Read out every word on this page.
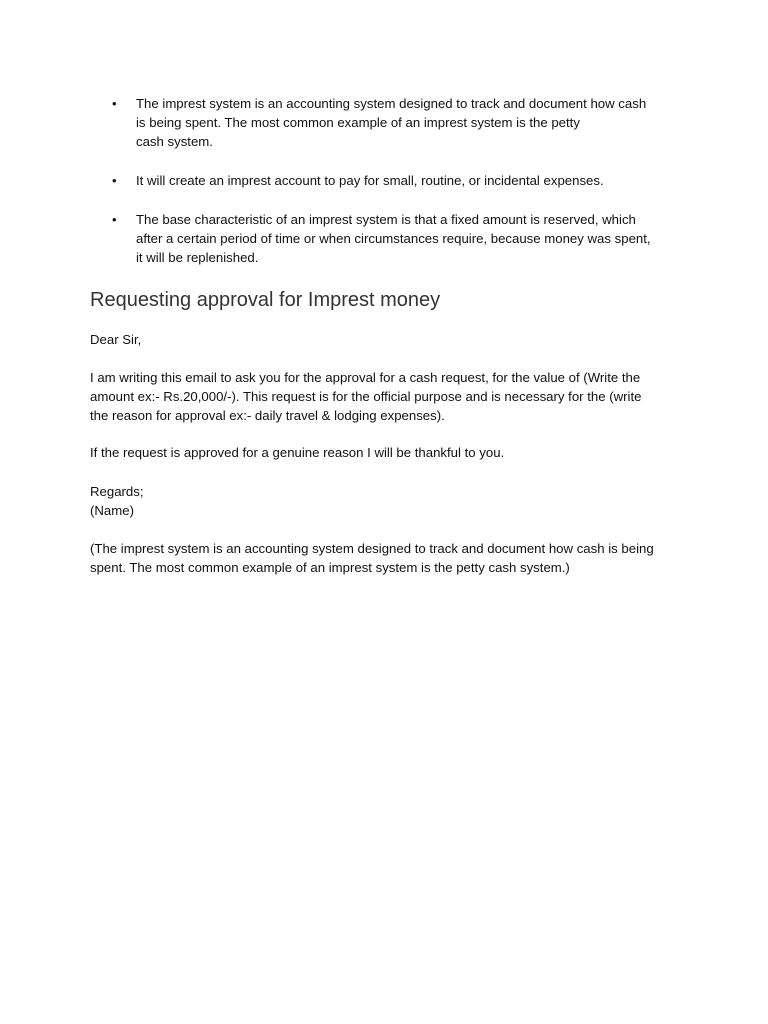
• The imprest system is an accounting system designed to track and document how cash
is being spent. The most common example of an imprest system is the petty
cash system.
• It will create an imprest account to pay for small, routine, or incidental expenses.
• The base characteristic of an imprest system is that a fixed amount is reserved, which
after a certain period of time or when circumstances require, because money was spent,
it will be replenished.
Requesting approval for Imprest money

Dear Sir,

I am writing this email to ask you for the approval for a cash request, for the value of (Write the
amount ex:- Rs.20,000/-). This request is for the official purpose and is necessary for the (write
the reason for approval ex:- daily travel & lodging expenses).

If the request is approved for a genuine reason I will be thankful to you.

Regards;
(Name)

(The imprest system is an accounting system designed to track and document how cash is being
spent. The most common example of an imprest system is the petty cash system.)
